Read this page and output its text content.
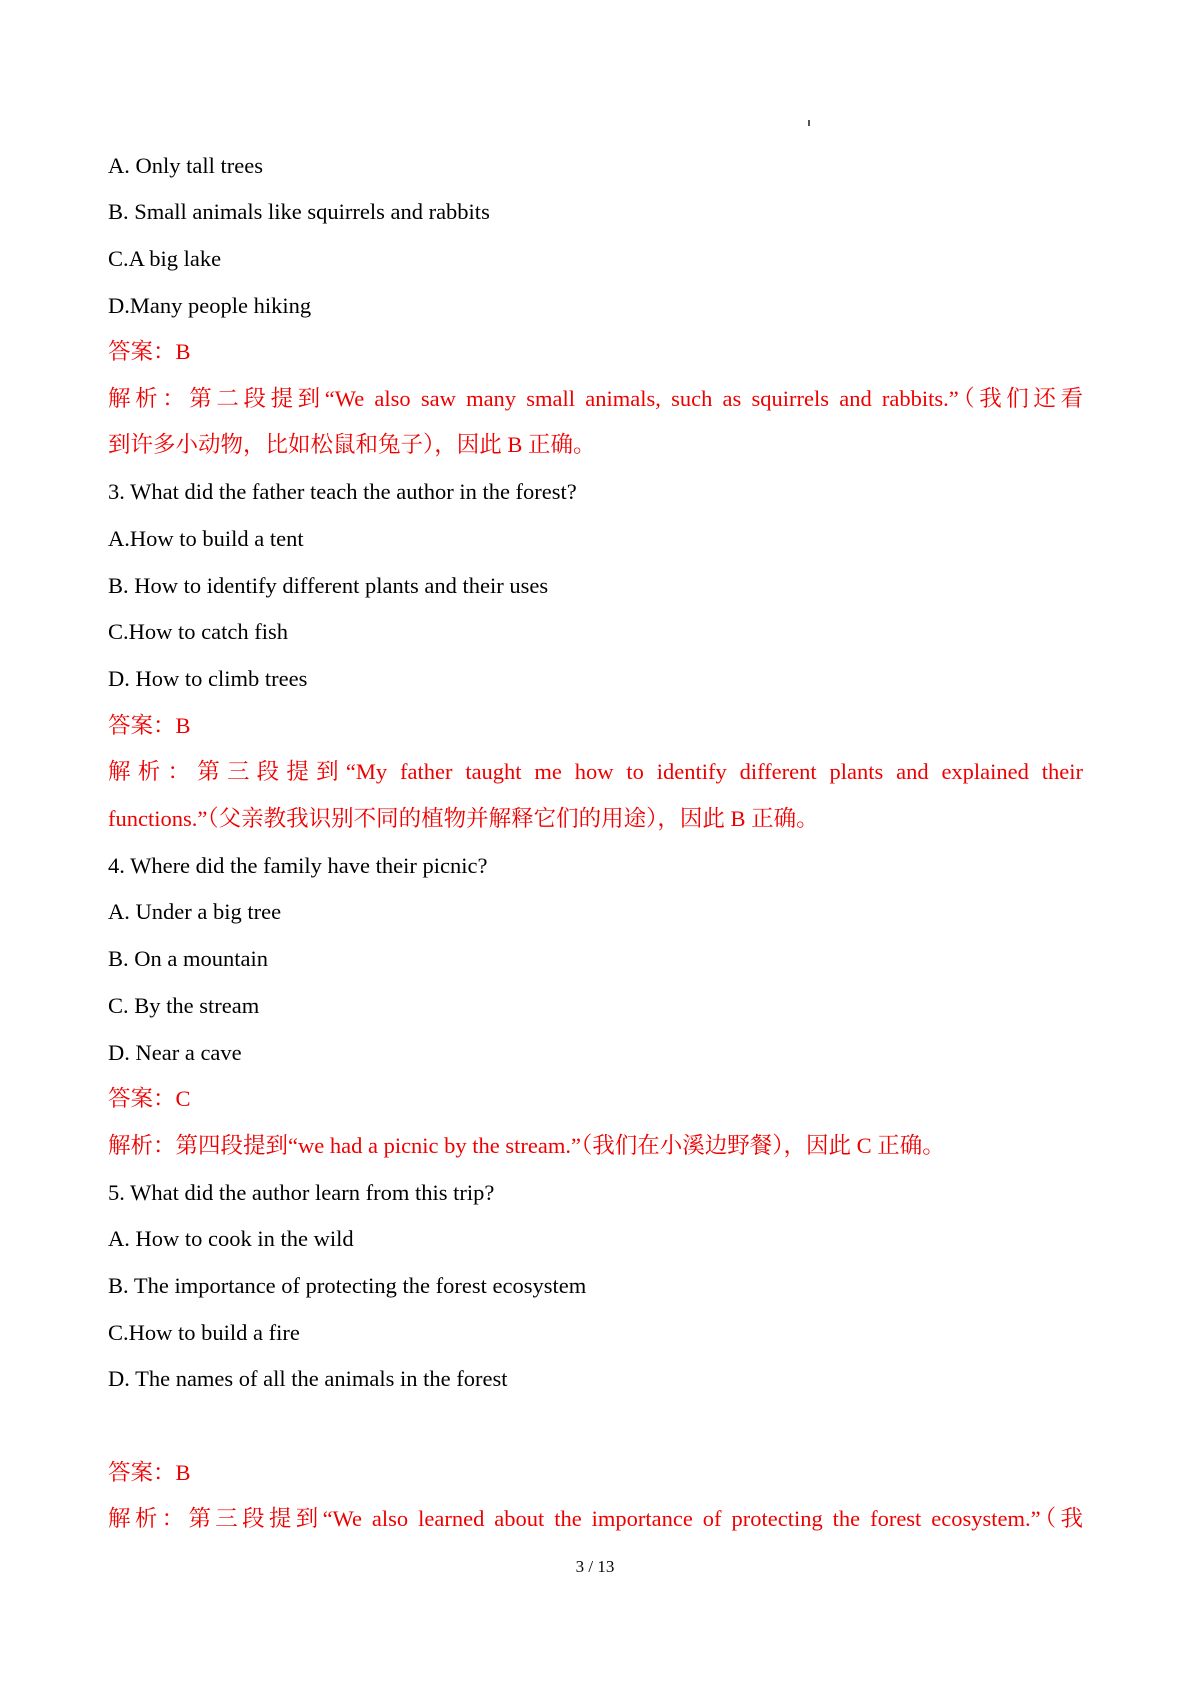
A. Only tall trees
B. Small animals like squirrels and rabbits
C.A big lake
D.Many people hiking
答案：B
解析：第二段提到“We also saw many small animals, such as squirrels and rabbits.”（我们还看
到许多小动物，比如松鼠和兔子），因此 B 正确。
3. What did the father teach the author in the forest?
A.How to build a tent
B. How to identify different plants and their uses
C.How to catch fish
D. How to climb trees
答案：B
解析：第三段提到“My father taught me how to identify different plants and explained their
functions.”（父亲教我识别不同的植物并解释它们的用途），因此 B 正确。
4. Where did the family have their picnic?
A. Under a big tree
B. On a mountain
C. By the stream
D. Near a cave
答案：C
解析：第四段提到“we had a picnic by the stream.”（我们在小溪边野餐），因此 C 正确。
5. What did the author learn from this trip?
A. How to cook in the wild
B. The importance of protecting the forest ecosystem
C.How to build a fire
D. The names of all the animals in the forest
答案：B
解析：第三段提到“We also learned about the importance of protecting the forest ecosystem.”（我
3 / 13
